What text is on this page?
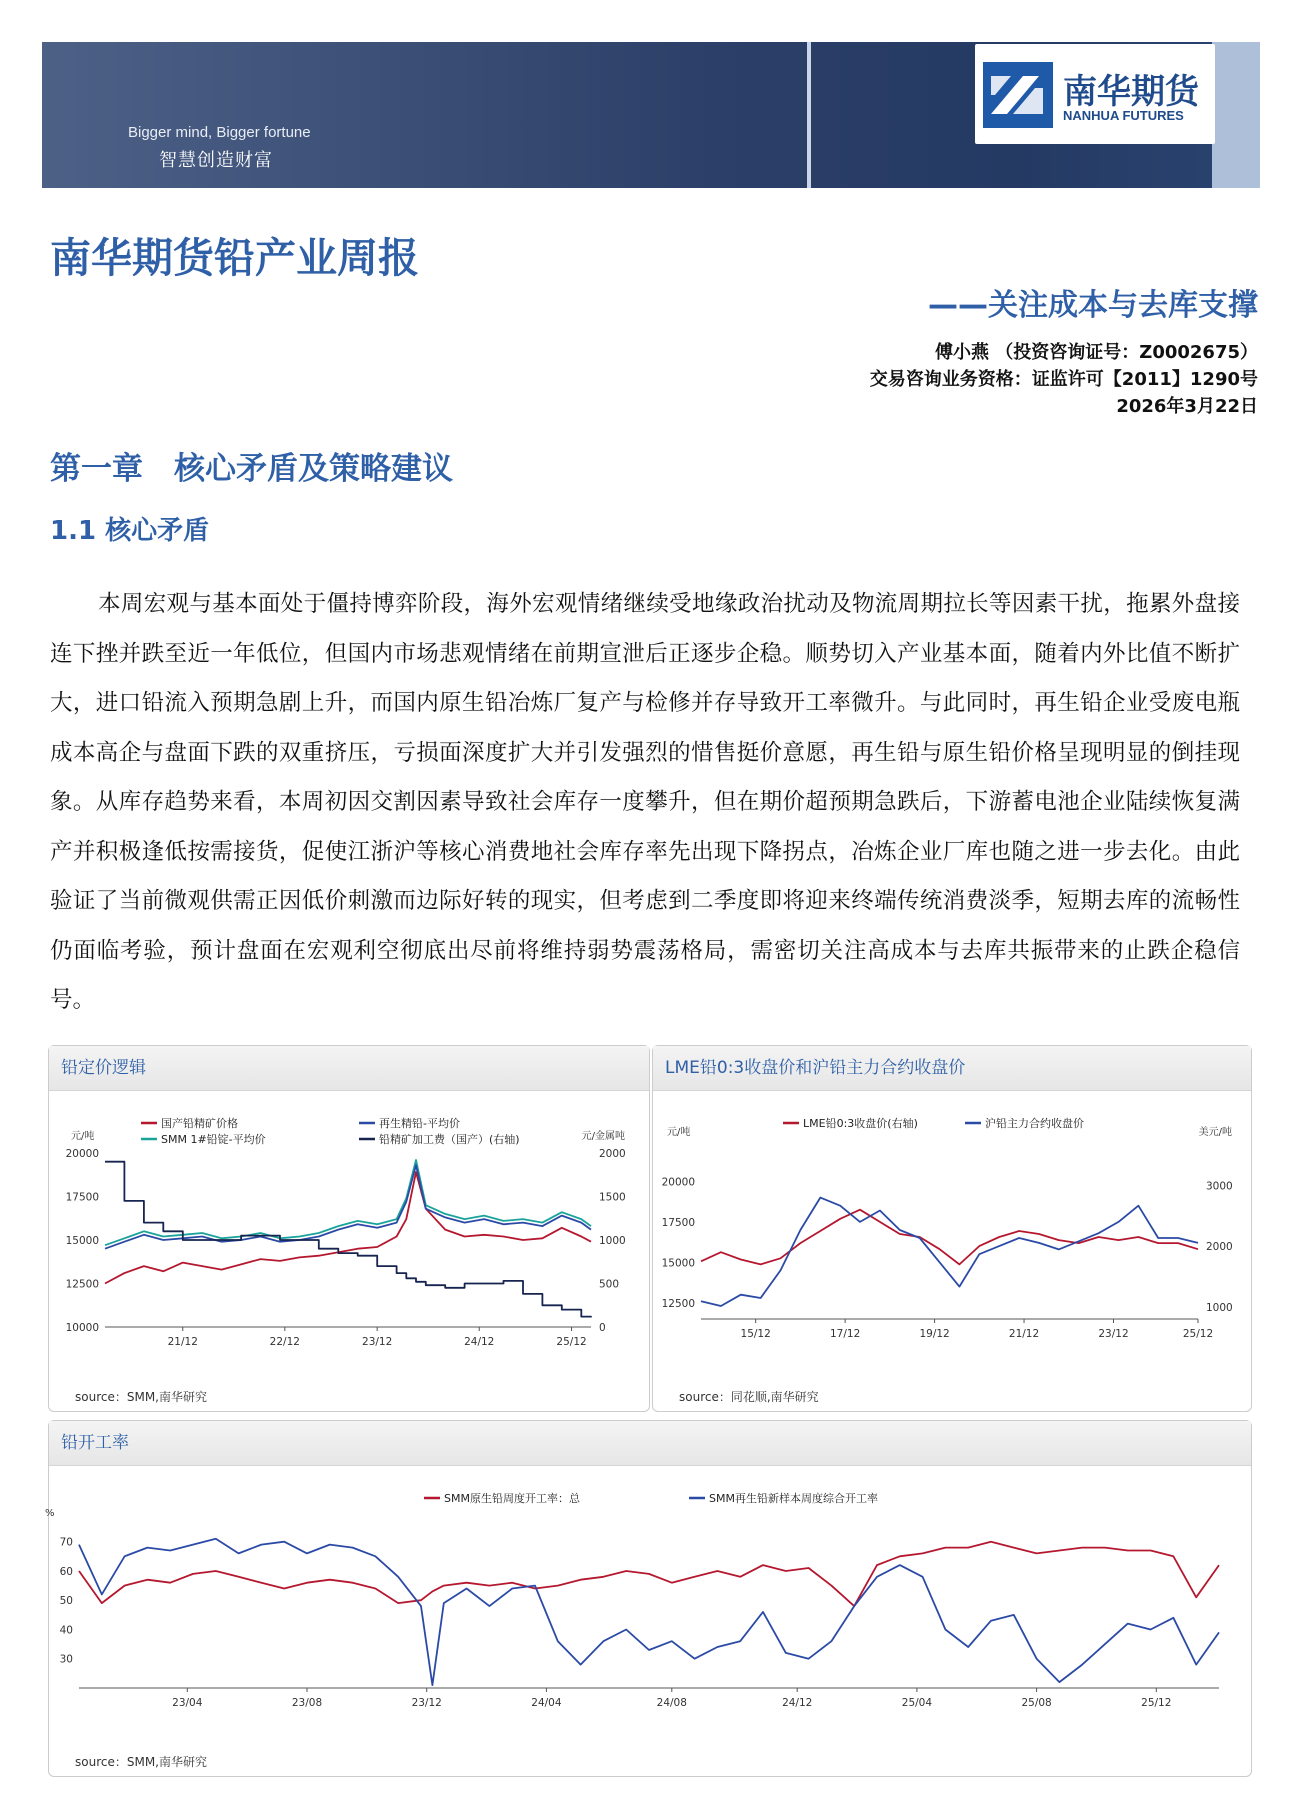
Bigger mind, Bigger fortune
智慧创造财富
南华期货
NANHUA FUTURES
南华期货铅产业周报
——关注成本与去库支撑
傅小燕 （投资咨询证号：Z0002675）
交易咨询业务资格：证监许可【2011】1290号
2026年3月22日
第一章　核心矛盾及策略建议
1.1 核心矛盾
本周宏观与基本面处于僵持博弈阶段，海外宏观情绪继续受地缘政治扰动及物流周期拉长等因素干扰，拖累外盘接连下挫并跌至近一年低位，但国内市场悲观情绪在前期宣泄后正逐步企稳。顺势切入产业基本面，随着内外比值不断扩大，进口铅流入预期急剧上升，而国内原生铅冶炼厂复产与检修并存导致开工率微升。与此同时，再生铅企业受废电瓶成本高企与盘面下跌的双重挤压，亏损面深度扩大并引发强烈的惜售挺价意愿，再生铅与原生铅价格呈现明显的倒挂现象。从库存趋势来看，本周初因交割因素导致社会库存一度攀升，但在期价超预期急跌后，下游蓄电池企业陆续恢复满产并积极逢低按需接货，促使江浙沪等核心消费地社会库存率先出现下降拐点，冶炼企业厂库也随之进一步去化。由此验证了当前微观供需正因低价刺激而边际好转的现实，但考虑到二季度即将迎来终端传统消费淡季，短期去库的流畅性仍面临考验，预计盘面在宏观利空彻底出尽前将维持弱势震荡格局，需密切关注高成本与去库共振带来的止跌企稳信号。
铅定价逻辑
元/吨	元/金属吨
20000
17500
15000
12500
10000
2000
1500
1000
500
0
21/12	22/12	23/12	24/12	25/12
国产铅精矿价格
SMM 1#铅锭-平均价
再生精铅-平均价
铅精矿加工费（国产）(右轴)
source：SMM,南华研究
LME铅0:3收盘价和沪铅主力合约收盘价
元/吨	美元/吨
20000
17500
15000
12500
3000
2000
1000
15/12	17/12	19/12	21/12	23/12	25/12
LME铅0:3收盘价(右轴)	沪铅主力合约收盘价
source：同花顺,南华研究
铅开工率
%
70
60
50
40
30
23/04	23/08	23/12	24/04	24/08	24/12	25/04	25/08	25/12
SMM原生铅周度开工率：总	SMM再生铅新样本周度综合开工率
source：SMM,南华研究
